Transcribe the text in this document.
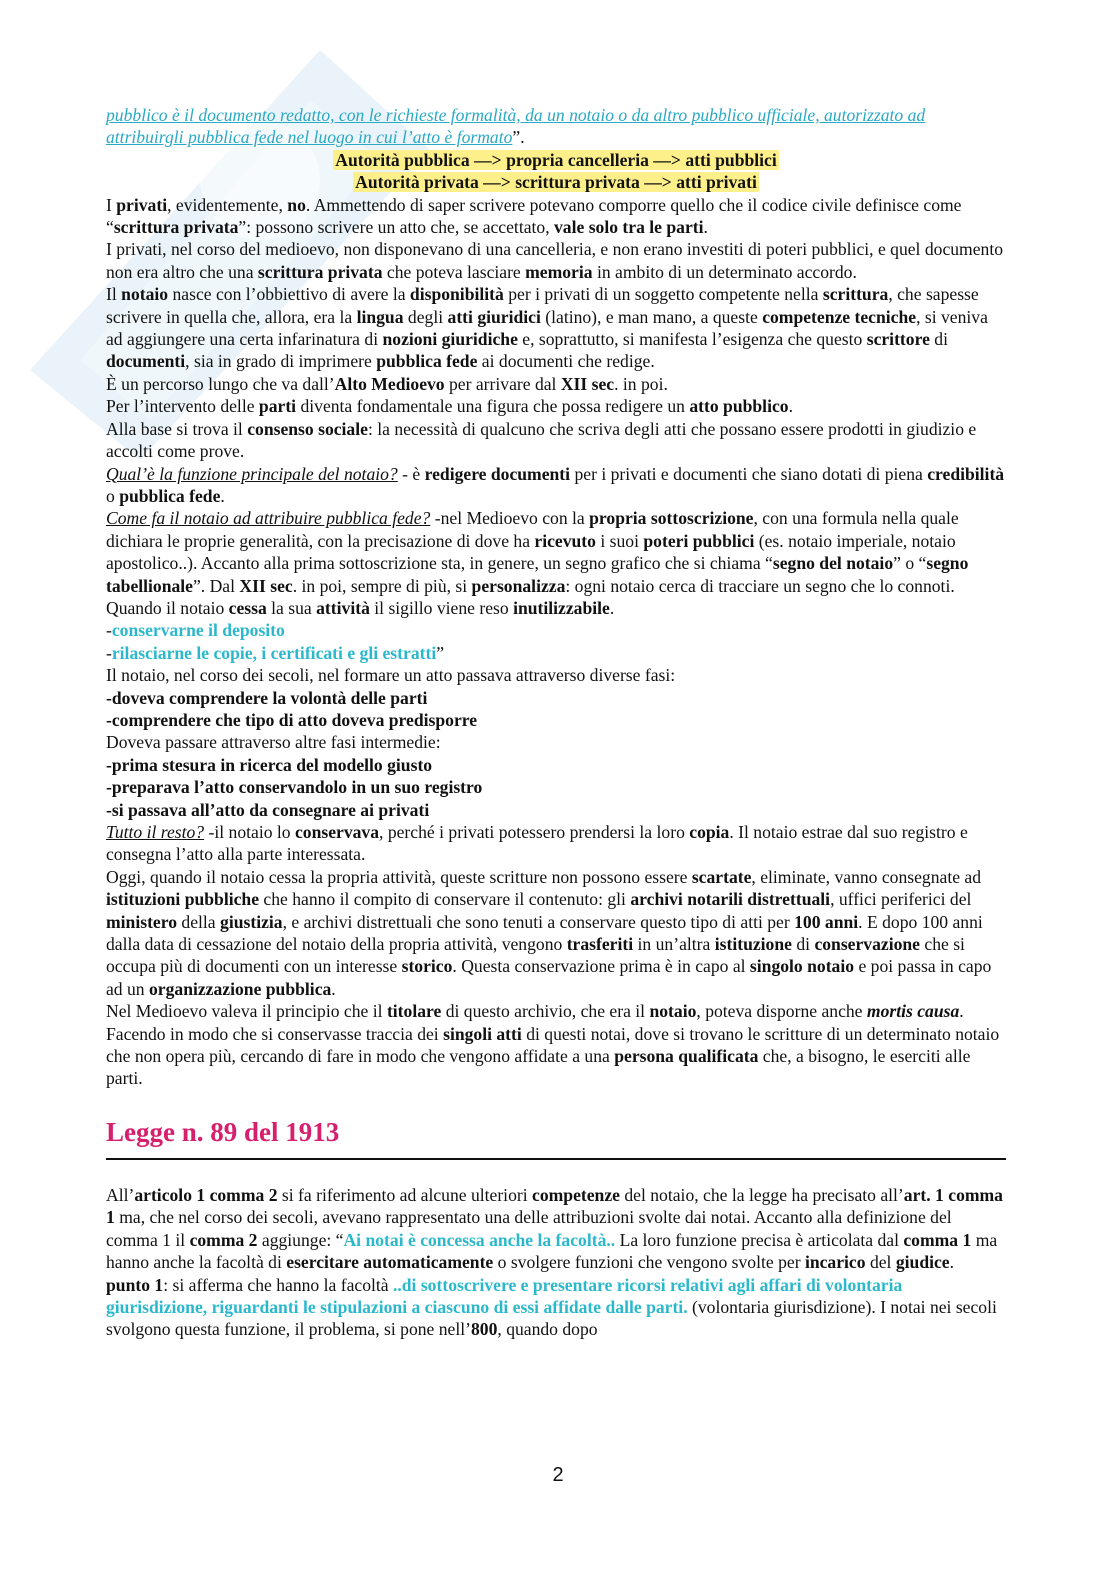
pubblico è il documento redatto, con le richieste formalità, da un notaio o da altro pubblico ufficiale, autorizzato ad attribuirgli pubblica fede nel luogo in cui l’atto è formato”.

Autorità pubblica —> propria cancelleria —> atti pubblici

Autorità privata —> scrittura privata —> atti privati

I privati, evidentemente, no. Ammettendo di saper scrivere potevano comporre quello che il codice civile definisce come “scrittura privata”: possono scrivere un atto che, se accettato, vale solo tra le parti.

I privati, nel corso del medioevo, non disponevano di una cancelleria, e non erano investiti di poteri pubblici, e quel documento non era altro che una scrittura privata che poteva lasciare memoria in ambito di un determinato accordo.

Il notaio nasce con l’obbiettivo di avere la disponibilità per i privati di un soggetto competente nella scrittura, che sapesse scrivere in quella che, allora, era la lingua degli atti giuridici (latino), e man mano, a queste competenze tecniche, si veniva ad aggiungere una certa infarinatura di nozioni giuridiche e, soprattutto, si manifesta l’esigenza che questo scrittore di documenti, sia in grado di imprimere pubblica fede ai documenti che redige.

È un percorso lungo che va dall’Alto Medioevo per arrivare dal XII sec. in poi.

Per l’intervento delle parti diventa fondamentale una figura che possa redigere un atto pubblico.

Alla base si trova il consenso sociale: la necessità di qualcuno che scriva degli atti che possano essere prodotti in giudizio e accolti come prove.

Qual’è la funzione principale del notaio? - è redigere documenti per i privati e documenti che siano dotati di piena credibilità o pubblica fede.

Come fa il notaio ad attribuire pubblica fede? -nel Medioevo con la propria sottoscrizione, con una formula nella quale dichiara le proprie generalità, con la precisazione di dove ha ricevuto i suoi poteri pubblici (es. notaio imperiale, notaio apostolico..). Accanto alla prima sottoscrizione sta, in genere, un segno grafico che si chiama “segno del notaio” o “segno tabellionale”. Dal XII sec. in poi, sempre di più, si personalizza: ogni notaio cerca di tracciare un segno che lo connoti.

Quando il notaio cessa la sua attività il sigillo viene reso inutilizzabile.

-conservarne il deposito

-rilasciarne le copie, i certificati e gli estratti”

Il notaio, nel corso dei secoli, nel formare un atto passava attraverso diverse fasi:

-doveva comprendere la volontà delle parti

-comprendere che tipo di atto doveva predisporre

Doveva passare attraverso altre fasi intermedie:

-prima stesura in ricerca del modello giusto

-preparava l’atto conservandolo in un suo registro

-si passava all’atto da consegnare ai privati

Tutto il resto? -il notaio lo conservava, perché i privati potessero prendersi la loro copia. Il notaio estrae dal suo registro e consegna l’atto alla parte interessata.

Oggi, quando il notaio cessa la propria attività, queste scritture non possono essere scartate, eliminate, vanno consegnate ad istituzioni pubbliche che hanno il compito di conservare il contenuto: gli archivi notarili distrettuali, uffici periferici del ministero della giustizia, e archivi distrettuali che sono tenuti a conservare questo tipo di atti per 100 anni. E dopo 100 anni dalla data di cessazione del notaio della propria attività, vengono trasferiti in un’altra istituzione di conservazione che si occupa più di documenti con un interesse storico. Questa conservazione prima è in capo al singolo notaio e poi passa in capo ad un organizzazione pubblica.

Nel Medioevo valeva il principio che il titolare di questo archivio, che era il notaio, poteva disporne anche mortis causa. Facendo in modo che si conservasse traccia dei singoli atti di questi notai, dove si trovano le scritture di un determinato notaio che non opera più, cercando di fare in modo che vengono affidate a una persona qualificata che, a bisogno, le eserciti alle parti.

Legge n. 89 del 1913

All’articolo 1 comma 2 si fa riferimento ad alcune ulteriori competenze del notaio, che la legge ha precisato all’art. 1 comma 1 ma, che nel corso dei secoli, avevano rappresentato una delle attribuzioni svolte dai notai. Accanto alla definizione del comma 1 il comma 2 aggiunge: “Ai notai è concessa anche la facoltà.. La loro funzione precisa è articolata dal comma 1 ma hanno anche la facoltà di esercitare automaticamente o svolgere funzioni che vengono svolte per incarico del giudice.

punto 1: si afferma che hanno la facoltà ..di sottoscrivere e presentare ricorsi relativi agli affari di volontaria giurisdizione, riguardanti le stipulazioni a ciascuno di essi affidate dalle parti. (volontaria giurisdizione). I notai nei secoli svolgono questa funzione, il problema, si pone nell’800, quando dopo

2
